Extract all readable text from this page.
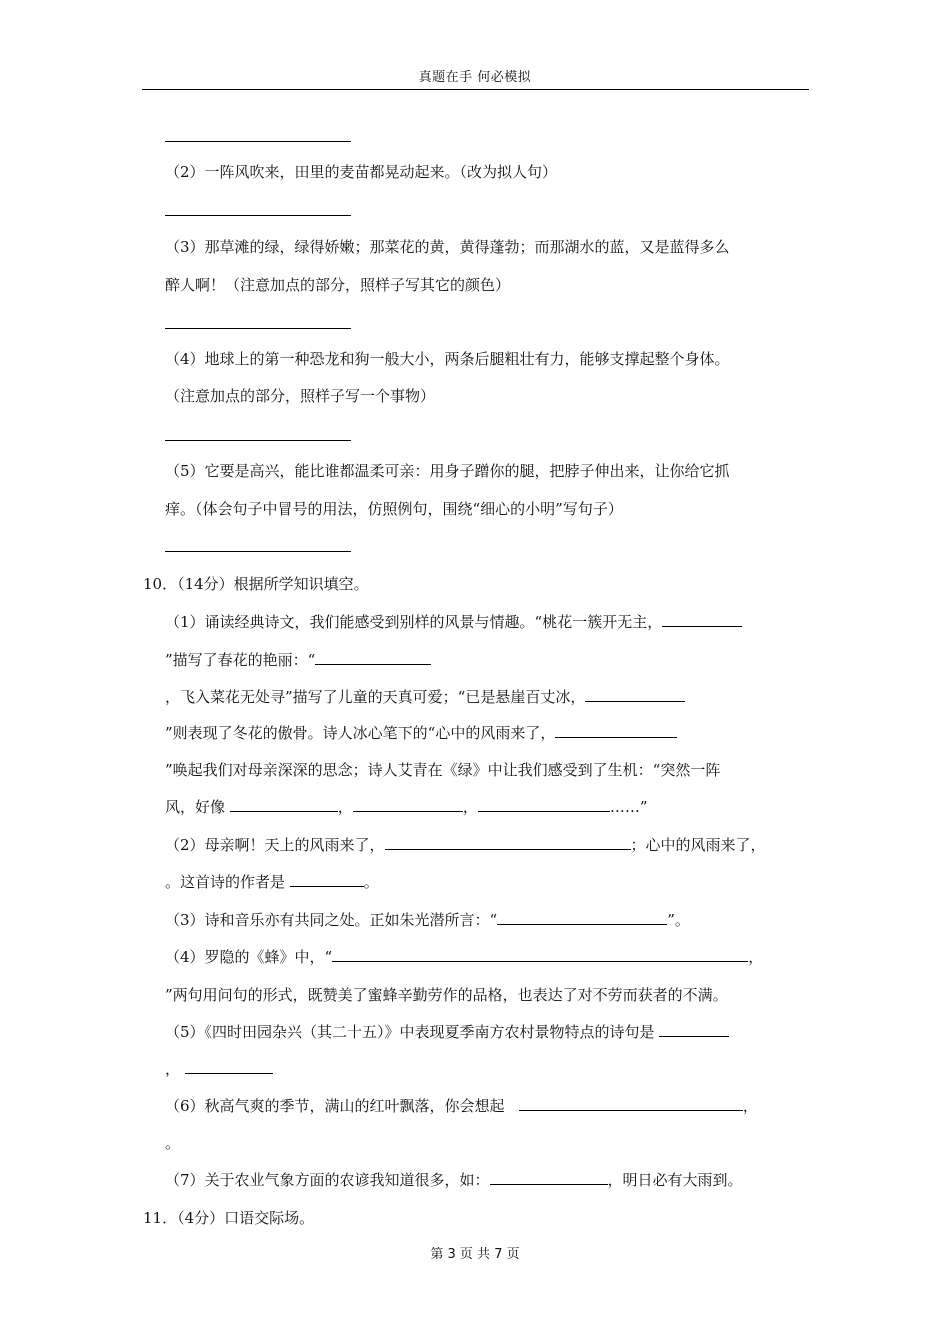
真题在手 何必模拟
（2）一阵风吹来，田里的麦苗都晃动起来。（改为拟人句）
（3）那草滩的绿，绿得娇嫩；那菜花的黄，黄得蓬勃；而那湖水的蓝，又是蓝得多么
醉人啊！（注意加点的部分，照样子写其它的颜色）
（4）地球上的第一种恐龙和狗一般大小，两条后腿粗壮有力，能够支撑起整个身体。
（注意加点的部分，照样子写一个事物）
（5）它要是高兴，能比谁都温柔可亲：用身子蹭你的腿，把脖子伸出来，让你给它抓
痒。（体会句子中冒号的用法，仿照例句，围绕“细心的小明”写句子）
10．（14分）根据所学知识填空。
（1）诵读经典诗文，我们能感受到别样的风景与情趣。“桃花一簇开无主，
”描写了春花的艳丽：“
，飞入菜花无处寻”描写了儿童的天真可爱；“已是悬崖百丈冰，
”则表现了冬花的傲骨。诗人冰心笔下的“心中的风雨来了，
”唤起我们对母亲深深的思念；诗人艾青在《绿》中让我们感受到了生机：“突然一阵
风，好像	，	，	……”
（2）母亲啊！天上的风雨来了，	；心中的风雨来了，
。这首诗的作者是	。
（3）诗和音乐亦有共同之处。正如朱光潜所言：“	”。
（4）罗隐的《蜂》中，“	，
”两句用问句的形式，既赞美了蜜蜂辛勤劳作的品格，也表达了对不劳而获者的不满。
（5）《四时田园杂兴（其二十五）》中表现夏季南方农村景物特点的诗句是
，
（6）秋高气爽的季节，满山的红叶飘落，你会想起	，
。
（7）关于农业气象方面的农谚我知道很多，如：	，明日必有大雨到。
11．（4分）口语交际场。
第 3 页 共 7 页
